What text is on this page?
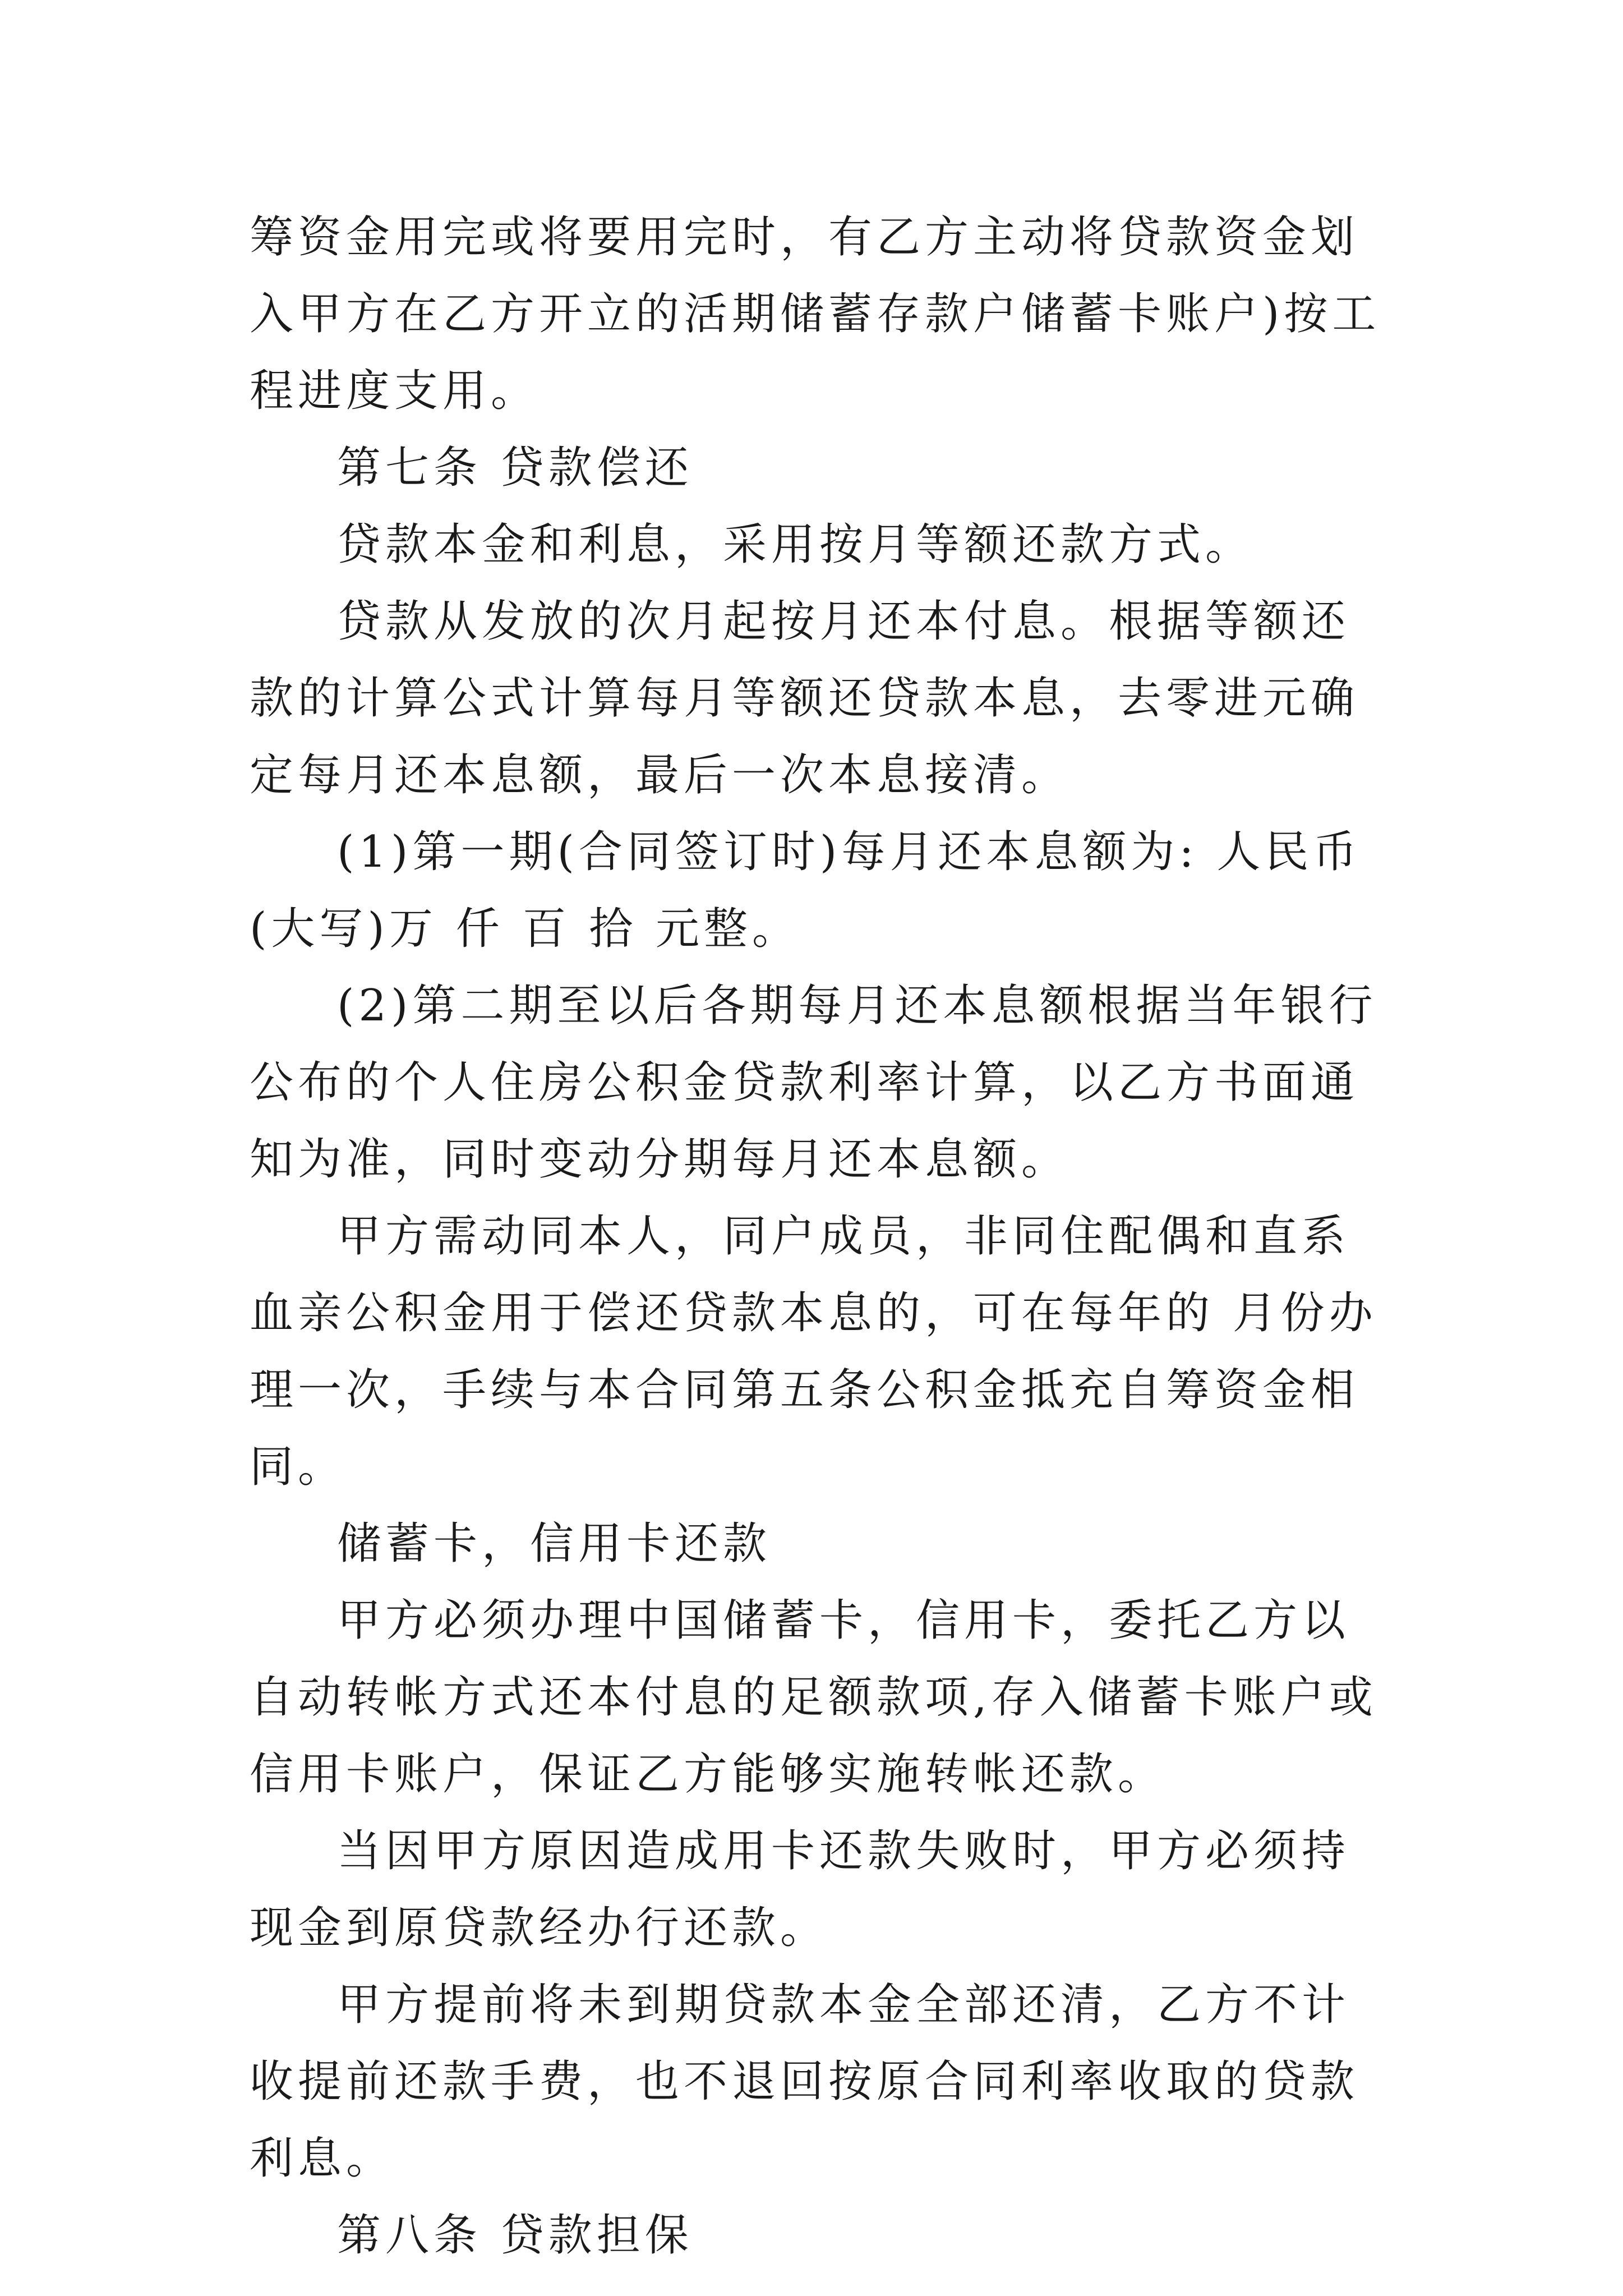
筹资金用完或将要用完时，有乙方主动将贷款资金划入甲方在乙方开立的活期储蓄存款户储蓄卡账户)按工程进度支用。

第七条 贷款偿还

贷款本金和利息，采用按月等额还款方式。

贷款从发放的次月起按月还本付息。根据等额还款的计算公式计算每月等额还贷款本息，去零进元确定每月还本息额，最后一次本息接清。

(1)第一期(合同签订时)每月还本息额为: 人民币(大写)万 仟 百 拾 元整。

(2)第二期至以后各期每月还本息额根据当年银行公布的个人住房公积金贷款利率计算，以乙方书面通知为准，同时变动分期每月还本息额。

甲方需动同本人，同户成员，非同住配偶和直系血亲公积金用于偿还贷款本息的，可在每年的 月份办理一次，手续与本合同第五条公积金抵充自筹资金相同。

储蓄卡，信用卡还款

甲方必须办理中国储蓄卡，信用卡，委托乙方以自动转帐方式还本付息的足额款项,存入储蓄卡账户或信用卡账户，保证乙方能够实施转帐还款。

当因甲方原因造成用卡还款失败时，甲方必须持现金到原贷款经办行还款。

甲方提前将未到期贷款本金全部还清，乙方不计收提前还款手费，也不退回按原合同利率收取的贷款利息。

第八条 贷款担保
